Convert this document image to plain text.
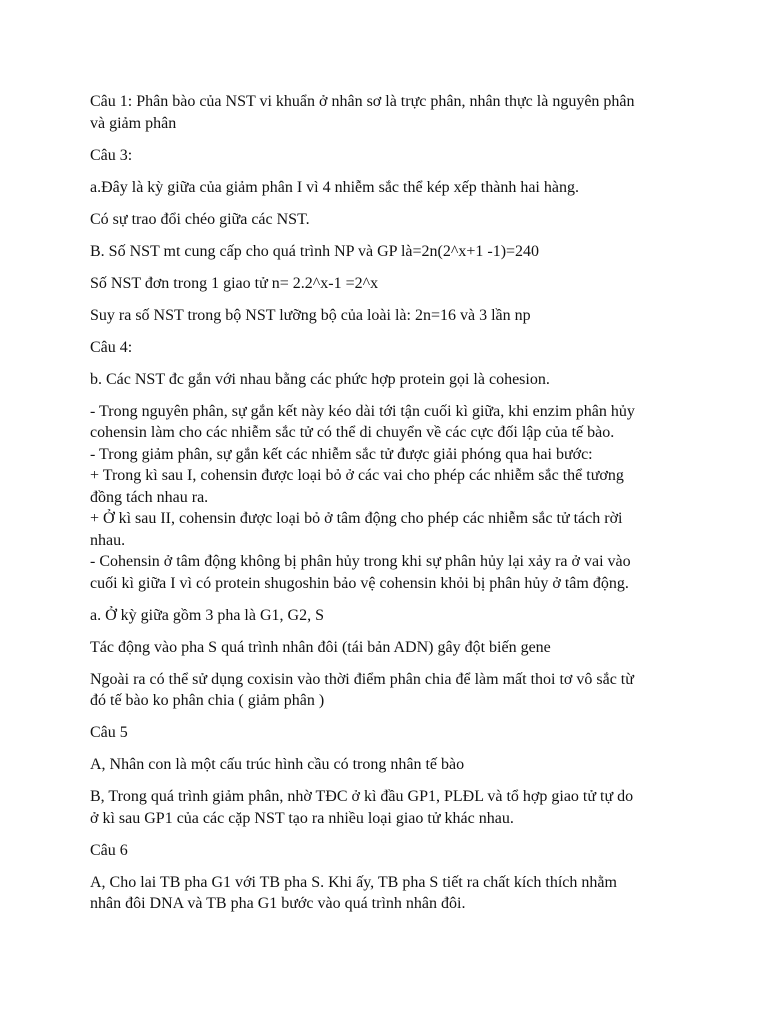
Câu 1: Phân bào của NST vi khuẩn ở nhân sơ là trực phân, nhân thực là nguyên phân
và giảm phân

Câu 3:

a.Đây là kỳ giữa của giảm phân I vì 4 nhiễm sắc thể kép xếp thành hai hàng.

Có sự trao đổi chéo giữa các NST.

B. Số NST mt cung cấp cho quá trình NP và GP là=2n(2^x+1 -1)=240

Số NST đơn trong 1 giao tử n= 2.2^x-1 =2^x

Suy ra số NST trong bộ NST lưỡng bộ của loài là: 2n=16 và 3 lần np

Câu 4:

b. Các NST đc gắn với nhau bằng các phức hợp protein gọi là cohesion.

- Trong nguyên phân, sự gắn kết này kéo dài tới tận cuối kì giữa, khi enzim phân hủy
cohensin làm cho các nhiễm sắc tử có thể di chuyển về các cực đối lập của tế bào.
- Trong giảm phân, sự gắn kết các nhiễm sắc tử được giải phóng qua hai bước:
+ Trong kì sau I, cohensin được loại bỏ ở các vai cho phép các nhiễm sắc thể tương
đồng tách nhau ra.
+ Ở kì sau II, cohensin được loại bỏ ở tâm động cho phép các nhiễm sắc tử tách rời
nhau.
- Cohensin ở tâm động không bị phân hủy trong khi sự phân hủy lại xảy ra ở vai vào
cuối kì giữa I vì có protein shugoshin bảo vệ cohensin khỏi bị phân hủy ở tâm động.

a. Ở kỳ giữa gồm 3 pha là G1, G2, S

Tác động vào pha S quá trình nhân đôi (tái bản ADN) gây đột biến gene

Ngoài ra có thể sử dụng coxisin vào thời điểm phân chia để làm mất thoi tơ vô sắc từ
đó tế bào ko phân chia ( giảm phân )

Câu 5

A, Nhân con là một cấu trúc hình cầu có trong nhân tế bào

B, Trong quá trình giảm phân, nhờ TĐC ở kì đầu GP1, PLĐL và tổ hợp giao tử tự do
ở kì sau GP1 của các cặp NST tạo ra nhiều loại giao tử khác nhau.

Câu 6

A, Cho lai TB pha G1 với TB pha S. Khi ấy, TB pha S tiết ra chất kích thích nhằm
nhân đôi DNA và TB pha G1 bước vào quá trình nhân đôi.
